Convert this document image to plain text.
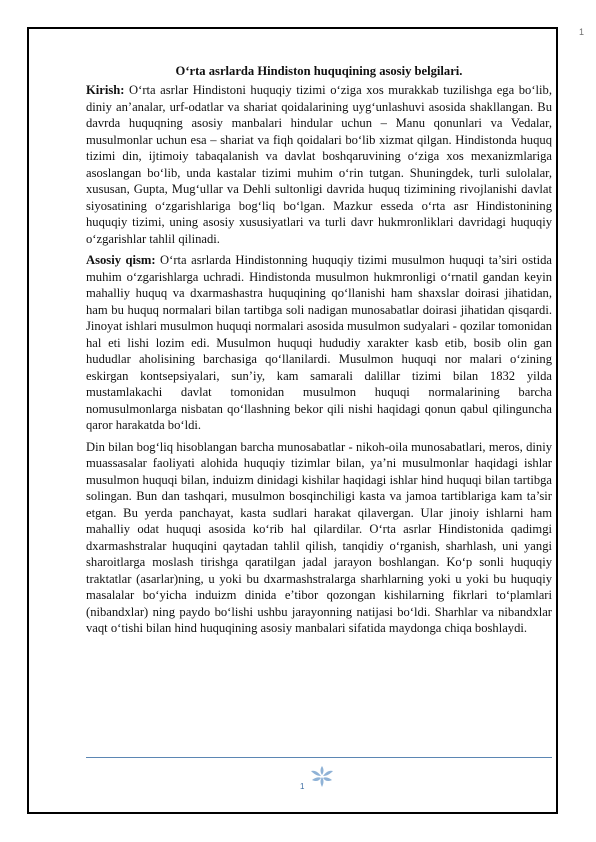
1

O‘rta asrlarda Hindiston huquqining asosiy belgilari.

Kirish: O‘rta asrlar Hindistoni huquqiy tizimi o‘ziga xos murakkab tuzilishga ega bo‘lib, diniy an’analar, urf-odatlar va shariat qoidalarining uyg‘unlashuvi asosida shakllangan. Bu davrda huquqning asosiy manbalari hindular uchun – Manu qonunlari va Vedalar, musulmonlar uchun esa – shariat va fiqh qoidalari bo‘lib xizmat qilgan. Hindistonda huquq tizimi din, ijtimoiy tabaqalanish va davlat boshqaruvining o‘ziga xos mexanizmlariga asoslangan bo‘lib, unda kastalar tizimi muhim o‘rin tutgan. Shuningdek, turli sulolalar, xususan, Gupta, Mug‘ullar va Dehli sultonligi davrida huquq tizimining rivojlanishi davlat siyosatining o‘zgarishlariga bog‘liq bo‘lgan. Mazkur esseda o‘rta asr Hindistonining huquqiy tizimi, uning asosiy xususiyatlari va turli davr hukmronliklari davridagi huquqiy o‘zgarishlar tahlil qilinadi.

Asosiy qism: O‘rta asrlarda Hindistonning huquqiy tizimi musulmon huquqi ta’siri ostida muhim o‘zgarishlarga uchradi. Hindistonda musulmon hukmronligi o‘rnatil gandan keyin mahalliy huquq va dxarmashastra huquqining qo‘llanishi ham shaxslar doirasi jihatidan, ham bu huquq normalari bilan tartibga soli nadigan munosabatlar doirasi jihatidan qisqardi. Jinoyat ishlari musulmon huquqi normalari asosida musulmon sudyalari - qozilar tomonidan hal eti lishi lozim edi. Musulmon huquqi hududiy xarakter kasb etib, bosib olin gan hududlar aholisining barchasiga qo‘llanilardi. Musulmon huquqi nor malari o‘zining eskirgan kontsepsiyalari, sun’iy, kam samarali dalillar tizimi bilan 1832 yilda mustamlakachi davlat tomonidan musulmon huquqi normalarining barcha nomusulmonlarga nisbatan qo‘llashning bekor qili nishi haqidagi qonun qabul qilinguncha qaror harakatda bo‘ldi.

Din bilan bog‘liq hisoblangan barcha munosabatlar - nikoh-oila munosabatlari, meros, diniy muassasalar faoliyati alohida huquqiy tizimlar bilan, ya’ni musulmonlar haqidagi ishlar musulmon huquqi bilan, induizm dinidagi kishilar haqidagi ishlar hind huquqi bilan tartibga solingan. Bun dan tashqari, musulmon bosqinchiligi kasta va jamoa tartiblariga kam ta’sir etgan. Bu yerda panchayat, kasta sudlari harakat qilavergan. Ular jinoiy ishlarni ham mahalliy odat huquqi asosida ko‘rib hal qilardilar. O‘rta asrlar Hindistonida qadimgi dxarmashstralar huquqini qaytadan tahlil qilish, tanqidiy o‘rganish, sharhlash, uni yangi sharoitlarga moslash tirishga qaratilgan jadal jarayon boshlangan. Ko‘p sonli huquqiy traktatlar (asarlar)ning, u yoki bu dxarmashstralarga sharhlarning yoki u yoki bu huquqiy masalalar bo‘yicha induizm dinida e’tibor qozongan kishilarning fikrlari to‘plamlari (nibandxlar) ning paydo bo‘lishi ushbu jarayonning natijasi bo‘ldi. Sharhlar va nibandxlar vaqt o‘tishi bilan hind huquqining asosiy manbalari sifatida maydonga chiqa boshlaydi.

1
